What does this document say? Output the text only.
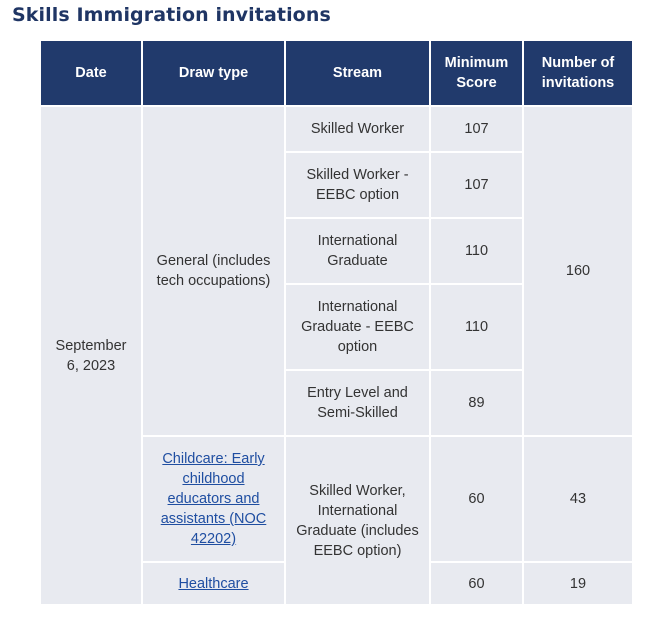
Skills Immigration invitations
Date	Draw type	Stream	Minimum Score	Number of invitations
September 6, 2023	General (includes tech occupations)	Skilled Worker	107	160
		Skilled Worker - EEBC option	107	
		International Graduate	110	
		International Graduate - EEBC option	110	
		Entry Level and Semi-Skilled	89	
	Childcare: Early childhood educators and assistants (NOC 42202)	Skilled Worker, International Graduate (includes EEBC option)	60	43
	Healthcare		60	19
